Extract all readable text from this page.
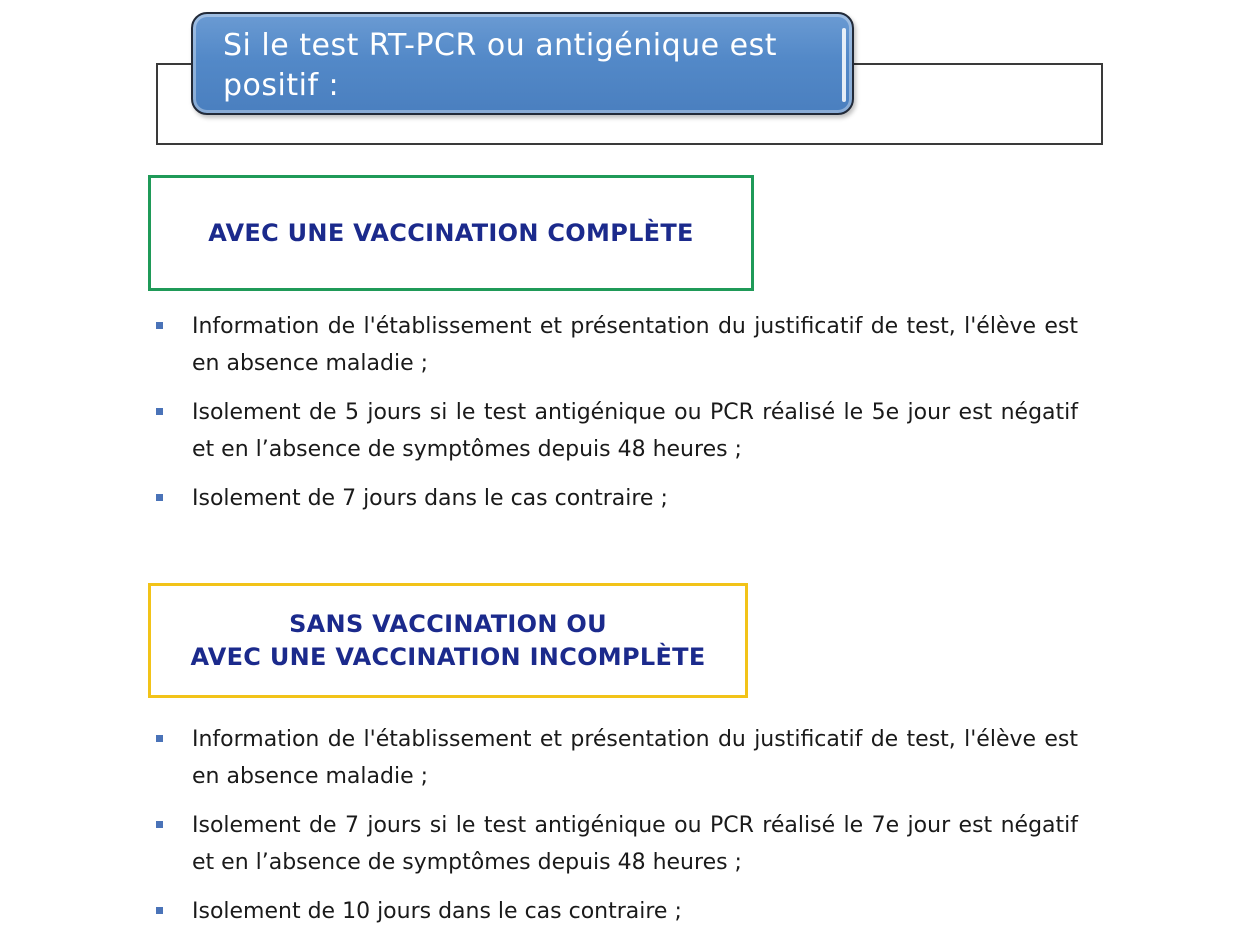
Si le test RT-PCR ou antigénique est positif :
AVEC UNE VACCINATION COMPLÈTE
Information de l'établissement et présentation du justificatif de test, l'élève est en absence maladie ;
Isolement de 5 jours si le test antigénique ou PCR réalisé le 5e jour est négatif et en l’absence de symptômes depuis 48 heures ;
Isolement de 7 jours dans le cas contraire ;
SANS VACCINATION OU
AVEC UNE VACCINATION INCOMPLÈTE
Information de l'établissement et présentation du justificatif de test, l'élève est en absence maladie ;
Isolement de 7 jours si le test antigénique ou PCR réalisé le 7e jour est négatif et en l’absence de symptômes depuis 48 heures ;
Isolement de 10 jours dans le cas contraire ;
